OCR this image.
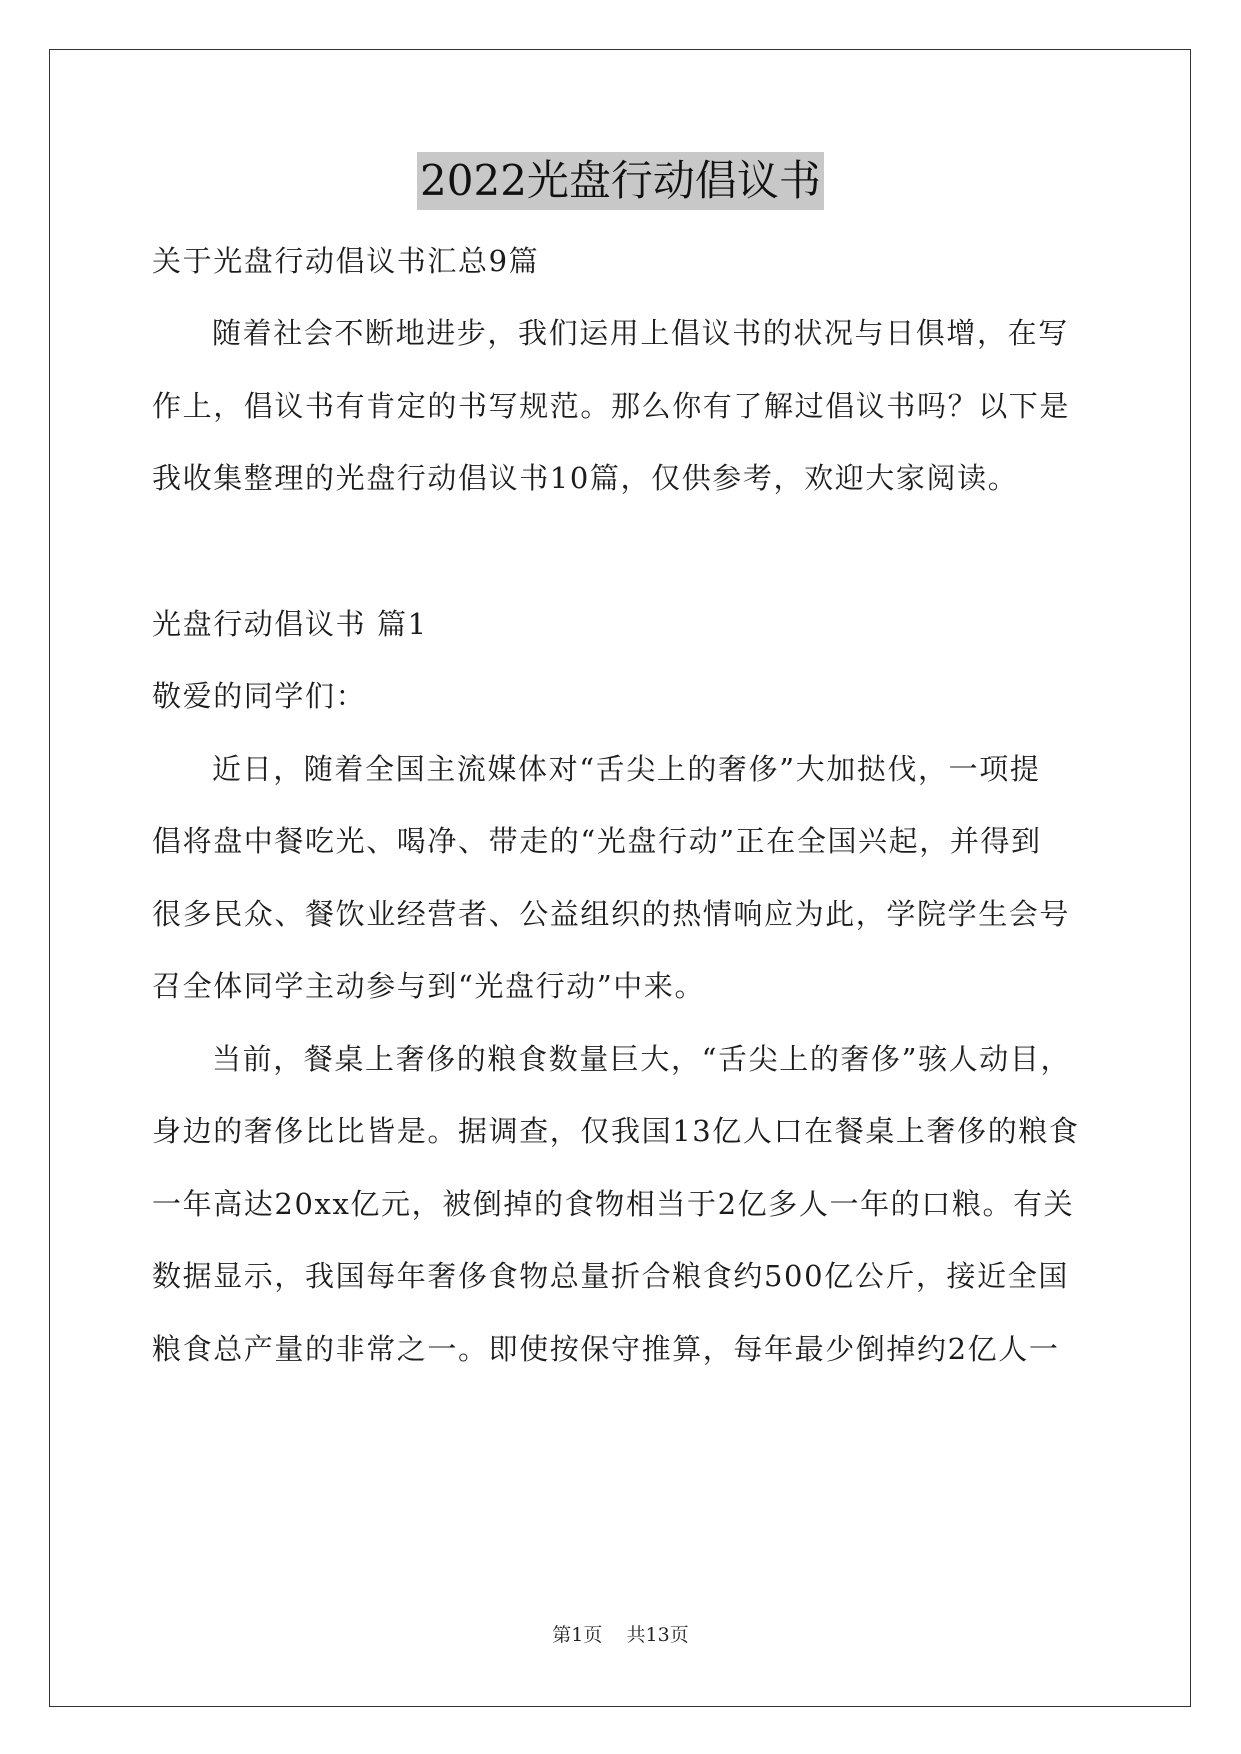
2022光盘行动倡议书
关于光盘行动倡议书汇总9篇
随着社会不断地进步，我们运用上倡议书的状况与日俱增，在写
作上，倡议书有肯定的书写规范。那么你有了解过倡议书吗？以下是
我收集整理的光盘行动倡议书10篇，仅供参考，欢迎大家阅读。
光盘行动倡议书 篇1
敬爱的同学们：
近日，随着全国主流媒体对“舌尖上的奢侈”大加挞伐，一项提
倡将盘中餐吃光、喝净、带走的“光盘行动”正在全国兴起，并得到
很多民众、餐饮业经营者、公益组织的热情响应为此，学院学生会号
召全体同学主动参与到“光盘行动”中来。
当前，餐桌上奢侈的粮食数量巨大，“舌尖上的奢侈”骇人动目，
身边的奢侈比比皆是。据调查，仅我国13亿人口在餐桌上奢侈的粮食
一年高达20xx亿元，被倒掉的食物相当于2亿多人一年的口粮。有关
数据显示，我国每年奢侈食物总量折合粮食约500亿公斤，接近全国
粮食总产量的非常之一。即使按保守推算，每年最少倒掉约2亿人一
第1页 共13页
